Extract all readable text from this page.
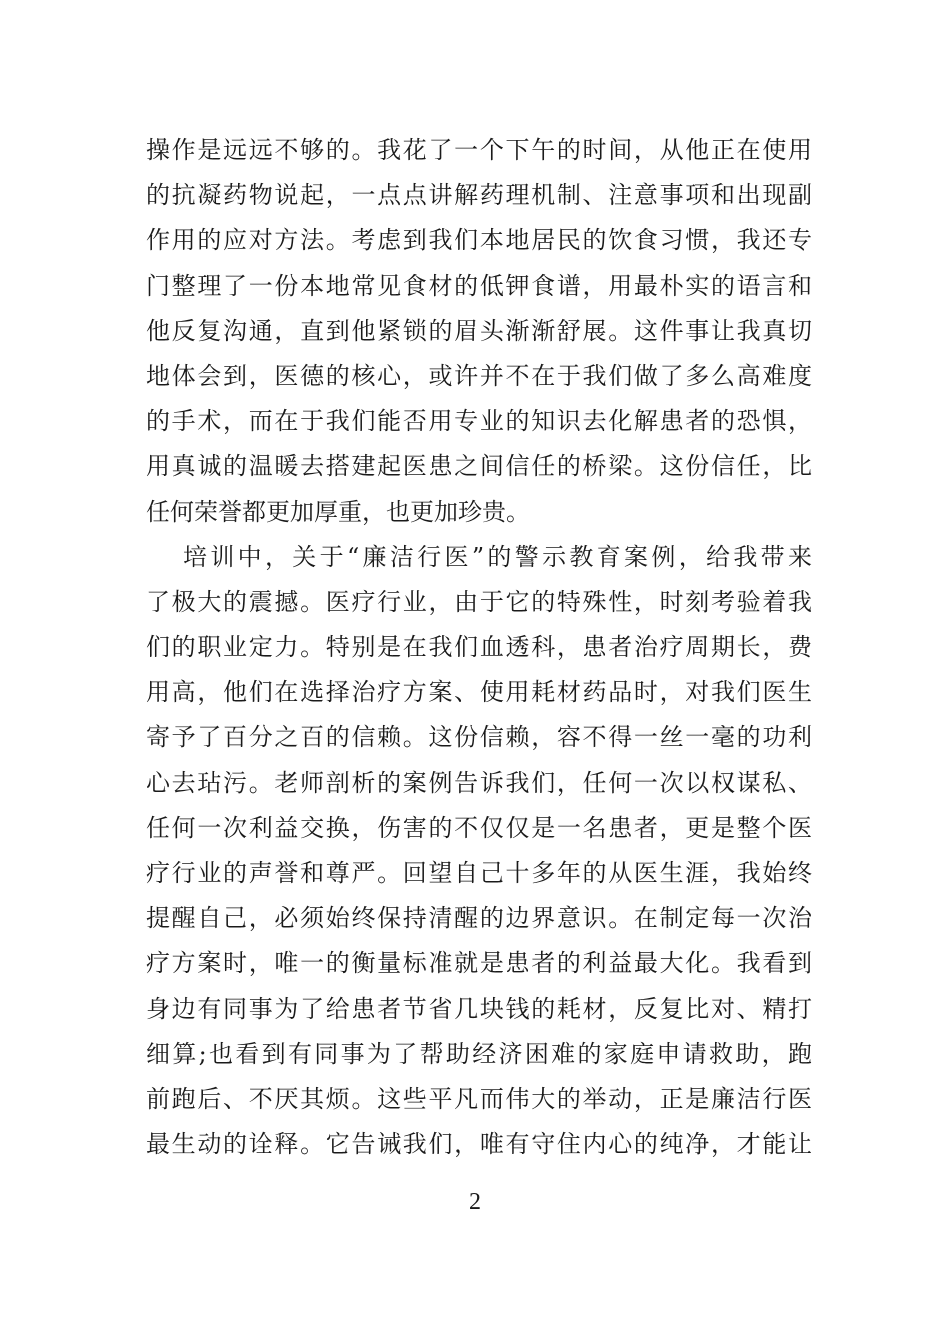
操作是远远不够的。我花了一个下午的时间，从他正在使用
的抗凝药物说起，一点点讲解药理机制、注意事项和出现副
作用的应对方法。考虑到我们本地居民的饮食习惯，我还专
门整理了一份本地常见食材的低钾食谱，用最朴实的语言和
他反复沟通，直到他紧锁的眉头渐渐舒展。这件事让我真切
地体会到，医德的核心，或许并不在于我们做了多么高难度
的手术，而在于我们能否用专业的知识去化解患者的恐惧，
用真诚的温暖去搭建起医患之间信任的桥梁。这份信任，比
任何荣誉都更加厚重，也更加珍贵。
培训中，关于“廉洁行医”的警示教育案例，给我带来
了极大的震撼。医疗行业，由于它的特殊性，时刻考验着我
们的职业定力。特别是在我们血透科，患者治疗周期长，费
用高，他们在选择治疗方案、使用耗材药品时，对我们医生
寄予了百分之百的信赖。这份信赖，容不得一丝一毫的功利
心去玷污。老师剖析的案例告诉我们，任何一次以权谋私、
任何一次利益交换，伤害的不仅仅是一名患者，更是整个医
疗行业的声誉和尊严。回望自己十多年的从医生涯，我始终
提醒自己，必须始终保持清醒的边界意识。在制定每一次治
疗方案时，唯一的衡量标准就是患者的利益最大化。我看到
身边有同事为了给患者节省几块钱的耗材，反复比对、精打
细算;也看到有同事为了帮助经济困难的家庭申请救助，跑
前跑后、不厌其烦。这些平凡而伟大的举动，正是廉洁行医
最生动的诠释。它告诫我们，唯有守住内心的纯净，才能让
2
